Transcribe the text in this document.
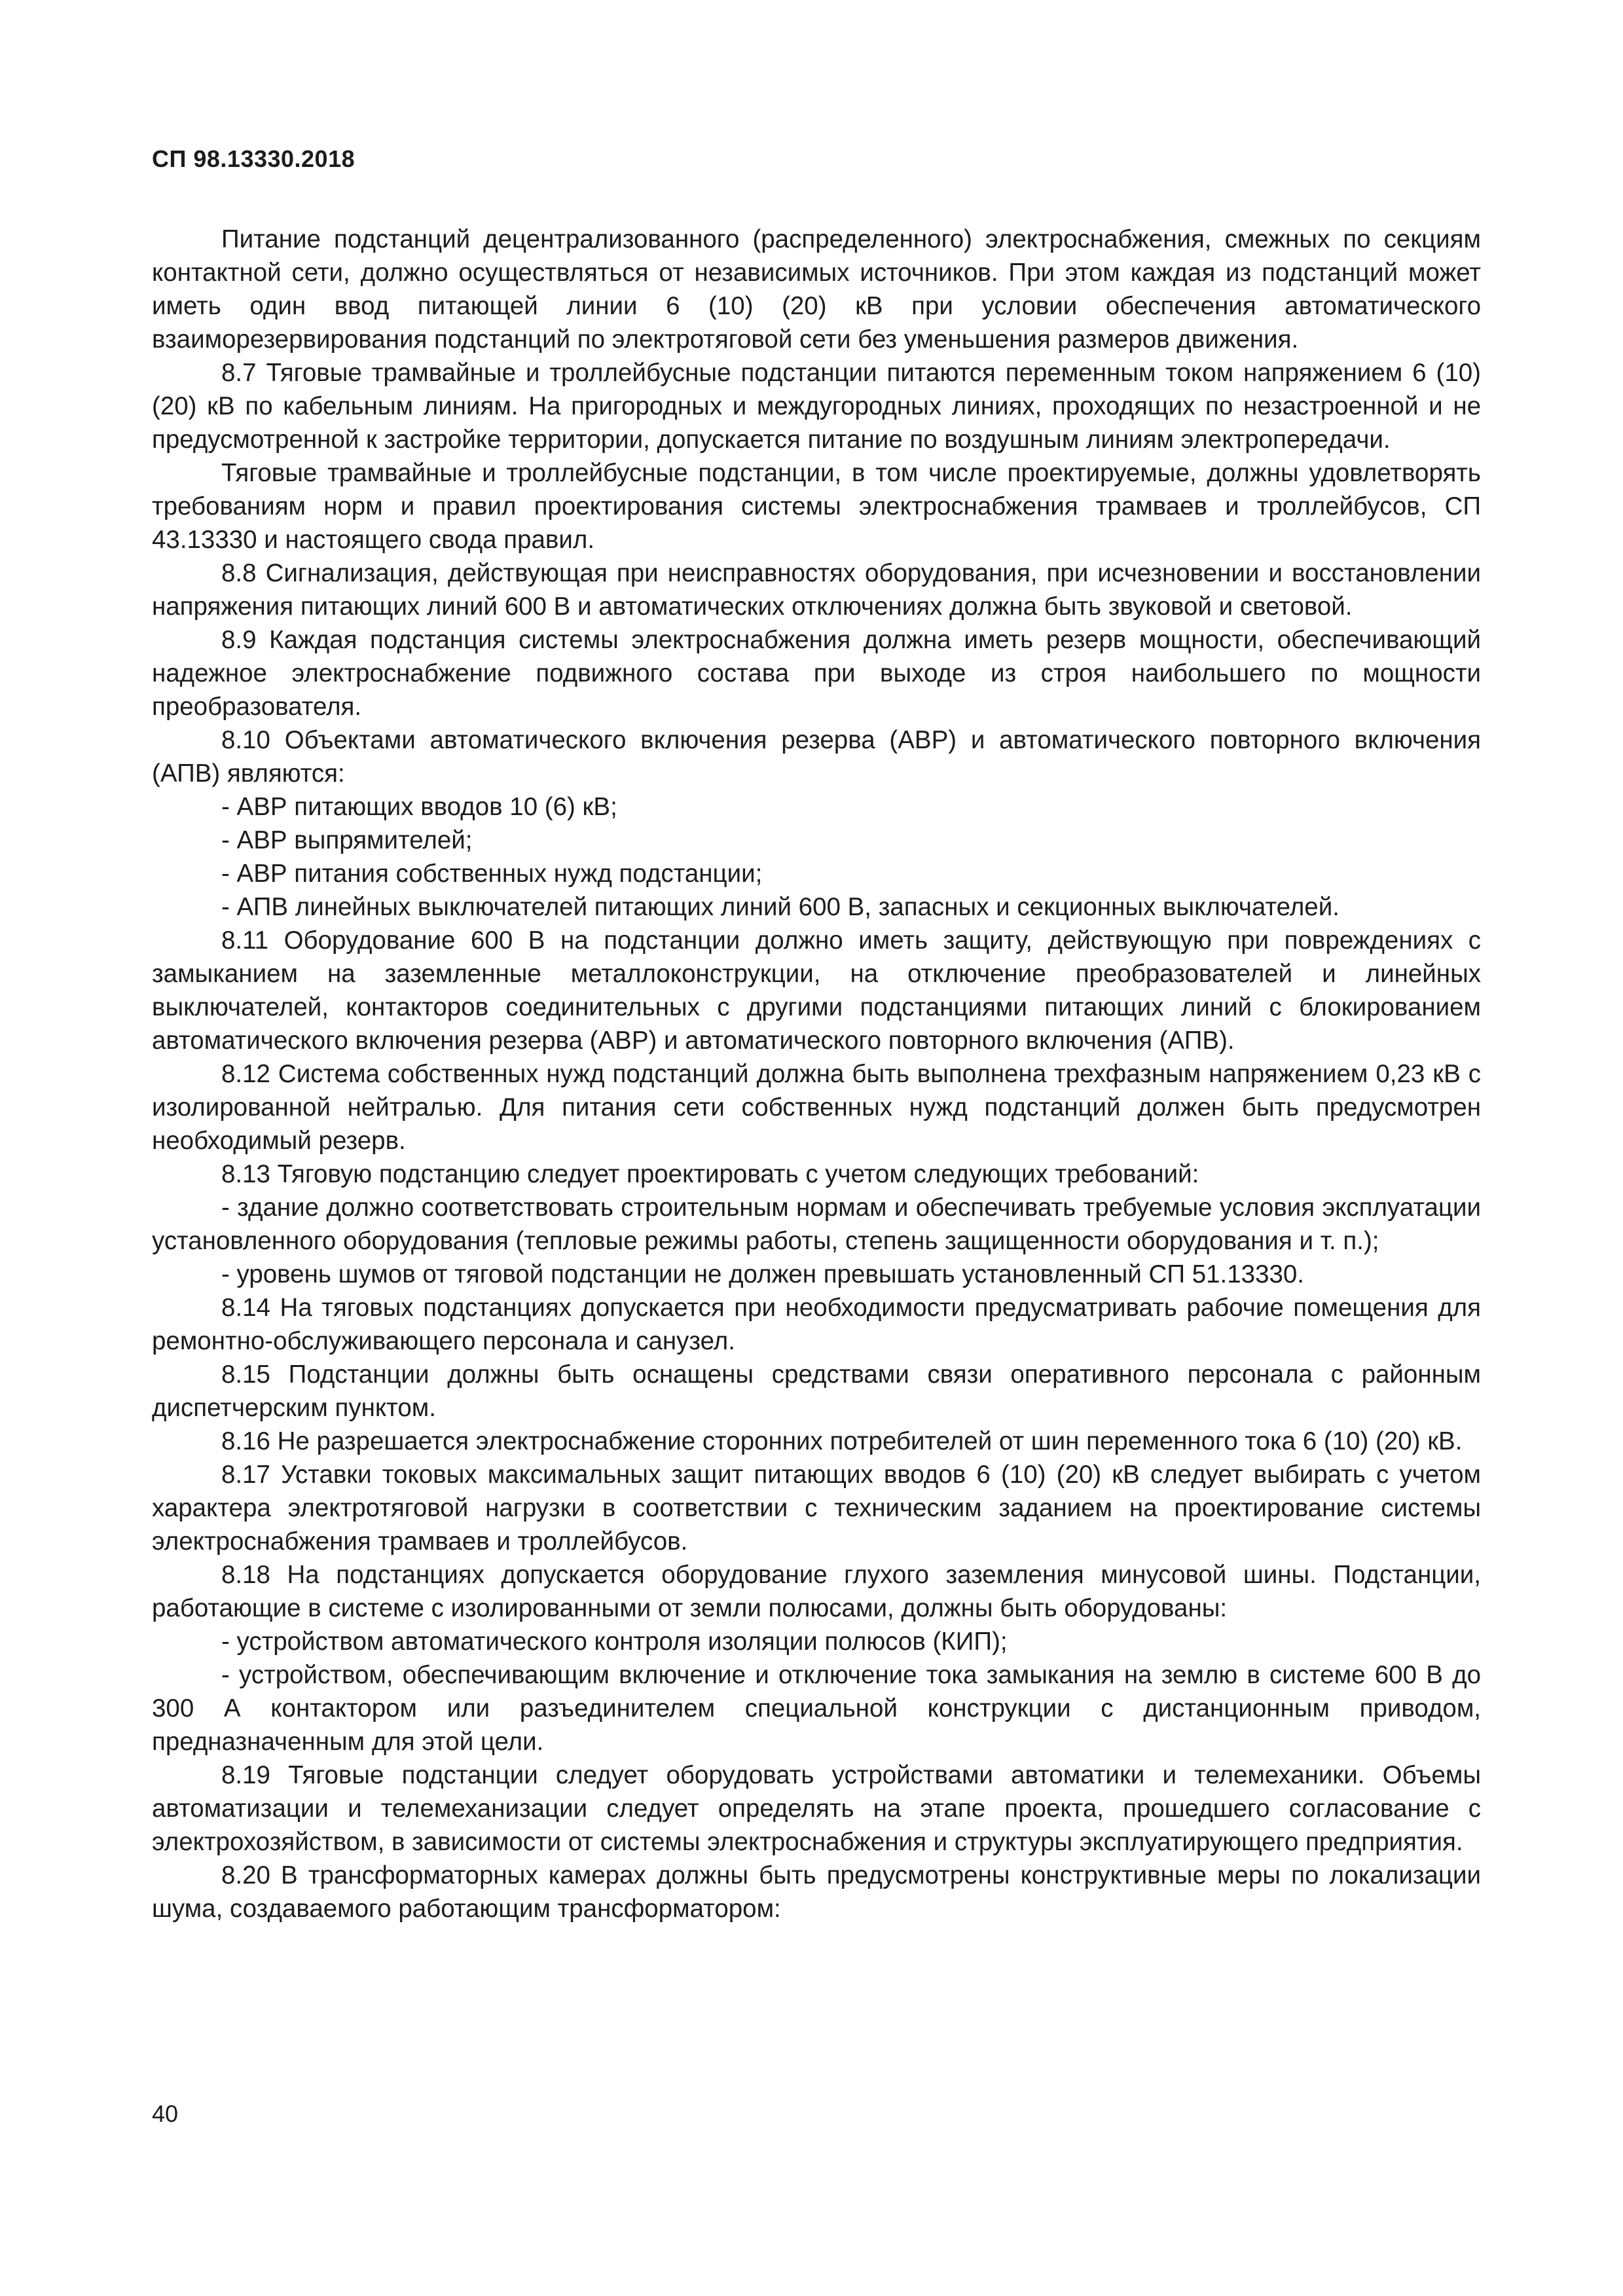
СП 98.13330.2018

Питание подстанций децентрализованного (распределенного) электроснабжения, смежных по секциям контактной сети, должно осуществляться от независимых источников. При этом каждая из подстанций может иметь один ввод питающей линии 6 (10) (20) кВ при условии обеспечения автоматического взаиморезервирования подстанций по электротяговой сети без уменьшения размеров движения.

8.7 Тяговые трамвайные и троллейбусные подстанции питаются переменным током напряжением 6 (10) (20) кВ по кабельным линиям. На пригородных и междугородных линиях, проходящих по незастроенной и не предусмотренной к застройке территории, допускается питание по воздушным линиям электропередачи.

Тяговые трамвайные и троллейбусные подстанции, в том числе проектируемые, должны удовлетворять требованиям норм и правил проектирования системы электроснабжения трамваев и троллейбусов, СП 43.13330 и настоящего свода правил.

8.8 Сигнализация, действующая при неисправностях оборудования, при исчезновении и восстановлении напряжения питающих линий 600 В и автоматических отключениях должна быть звуковой и световой.

8.9 Каждая подстанция системы электроснабжения должна иметь резерв мощности, обеспечивающий надежное электроснабжение подвижного состава при выходе из строя наибольшего по мощности преобразователя.

8.10 Объектами автоматического включения резерва (АВР) и автоматического повторного включения (АПВ) являются:

- АВР питающих вводов 10 (6) кВ;

- АВР выпрямителей;

- АВР питания собственных нужд подстанции;

- АПВ линейных выключателей питающих линий 600 В, запасных и секционных выключателей.

8.11 Оборудование 600 В на подстанции должно иметь защиту, действующую при повреждениях с замыканием на заземленные металлоконструкции, на отключение преобразователей и линейных выключателей, контакторов соединительных с другими подстанциями питающих линий с блокированием автоматического включения резерва (АВР) и автоматического повторного включения (АПВ).

8.12 Система собственных нужд подстанций должна быть выполнена трехфазным напряжением 0,23 кВ с изолированной нейтралью. Для питания сети собственных нужд подстанций должен быть предусмотрен необходимый резерв.

8.13 Тяговую подстанцию следует проектировать с учетом следующих требований:

- здание должно соответствовать строительным нормам и обеспечивать требуемые условия эксплуатации установленного оборудования (тепловые режимы работы, степень защищенности оборудования и т. п.);

- уровень шумов от тяговой подстанции не должен превышать установленный СП 51.13330.

8.14 На тяговых подстанциях допускается при необходимости предусматривать рабочие помещения для ремонтно-обслуживающего персонала и санузел.

8.15 Подстанции должны быть оснащены средствами связи оперативного персонала с районным диспетчерским пунктом.

8.16 Не разрешается электроснабжение сторонних потребителей от шин переменного тока 6 (10) (20) кВ.

8.17 Уставки токовых максимальных защит питающих вводов 6 (10) (20) кВ следует выбирать с учетом характера электротяговой нагрузки в соответствии с техническим заданием на проектирование системы электроснабжения трамваев и троллейбусов.

8.18 На подстанциях допускается оборудование глухого заземления минусовой шины. Подстанции, работающие в системе с изолированными от земли полюсами, должны быть оборудованы:

- устройством автоматического контроля изоляции полюсов (КИП);

- устройством, обеспечивающим включение и отключение тока замыкания на землю в системе 600 В до 300 А контактором или разъединителем специальной конструкции с дистанционным приводом, предназначенным для этой цели.

8.19 Тяговые подстанции следует оборудовать устройствами автоматики и телемеханики. Объемы автоматизации и телемеханизации следует определять на этапе проекта, прошедшего согласование с электрохозяйством, в зависимости от системы электроснабжения и структуры эксплуатирующего предприятия.

8.20 В трансформаторных камерах должны быть предусмотрены конструктивные меры по локализации шума, создаваемого работающим трансформатором:

40
